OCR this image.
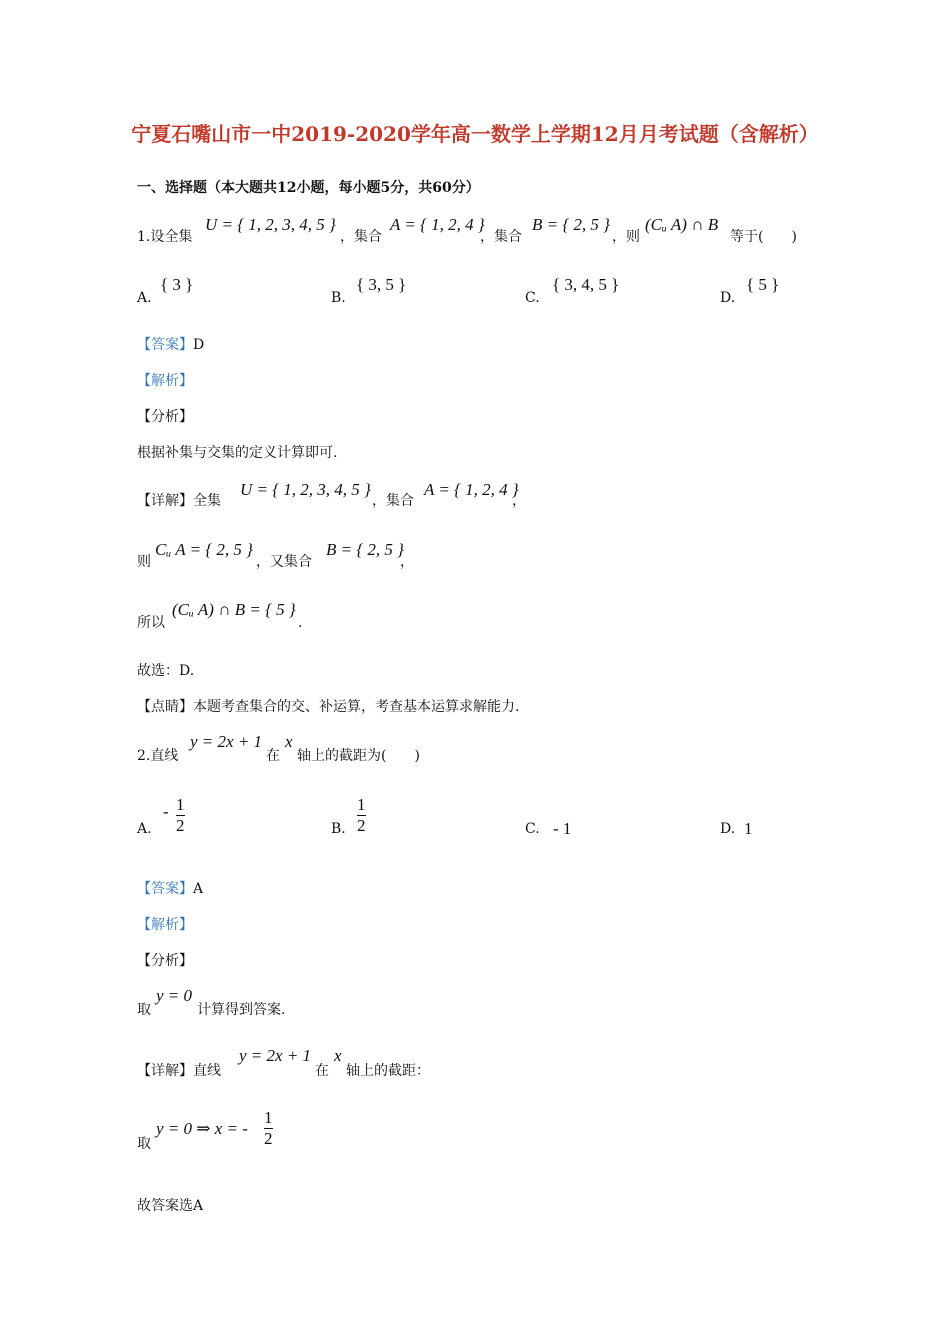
宁夏石嘴山市一中2019-2020学年高一数学上学期12月月考试题（含解析）
一、选择题（本大题共12小题，每小题5分，共60分）
1.设全集
U = { 1, 2, 3, 4, 5 }
，集合
A = { 1, 2, 4 }
，集合
B = { 2, 5 }
，则
(Cᵤ A) ∩ B
等于(　　)
A.
{ 3 }
B.
{ 3, 5 }
C.
{ 3, 4, 5 }
D.
{ 5 }
【答案】D
【解析】
【分析】
根据补集与交集的定义计算即可.
【详解】全集
U = { 1, 2, 3, 4, 5 }
，集合
A = { 1, 2, 4 }
，
则
Cᵤ A = { 2, 5 }
，又集合
B = { 2, 5 }
，
所以
(Cᵤ A) ∩ B = { 5 }
.
故选：D.
【点睛】本题考查集合的交、补运算，考查基本运算求解能力.
2.直线
y = 2x + 1
在
x
轴上的截距为(　　)
A.
- 1
2	B.
1
2	C. - 1	D. 1
【答案】A
【解析】
【分析】
取
y = 0
计算得到答案.
【详解】直线
y = 2x + 1
在
x
轴上的截距：
取
y = 0 ⇒ x = -
1
2
故答案选A
